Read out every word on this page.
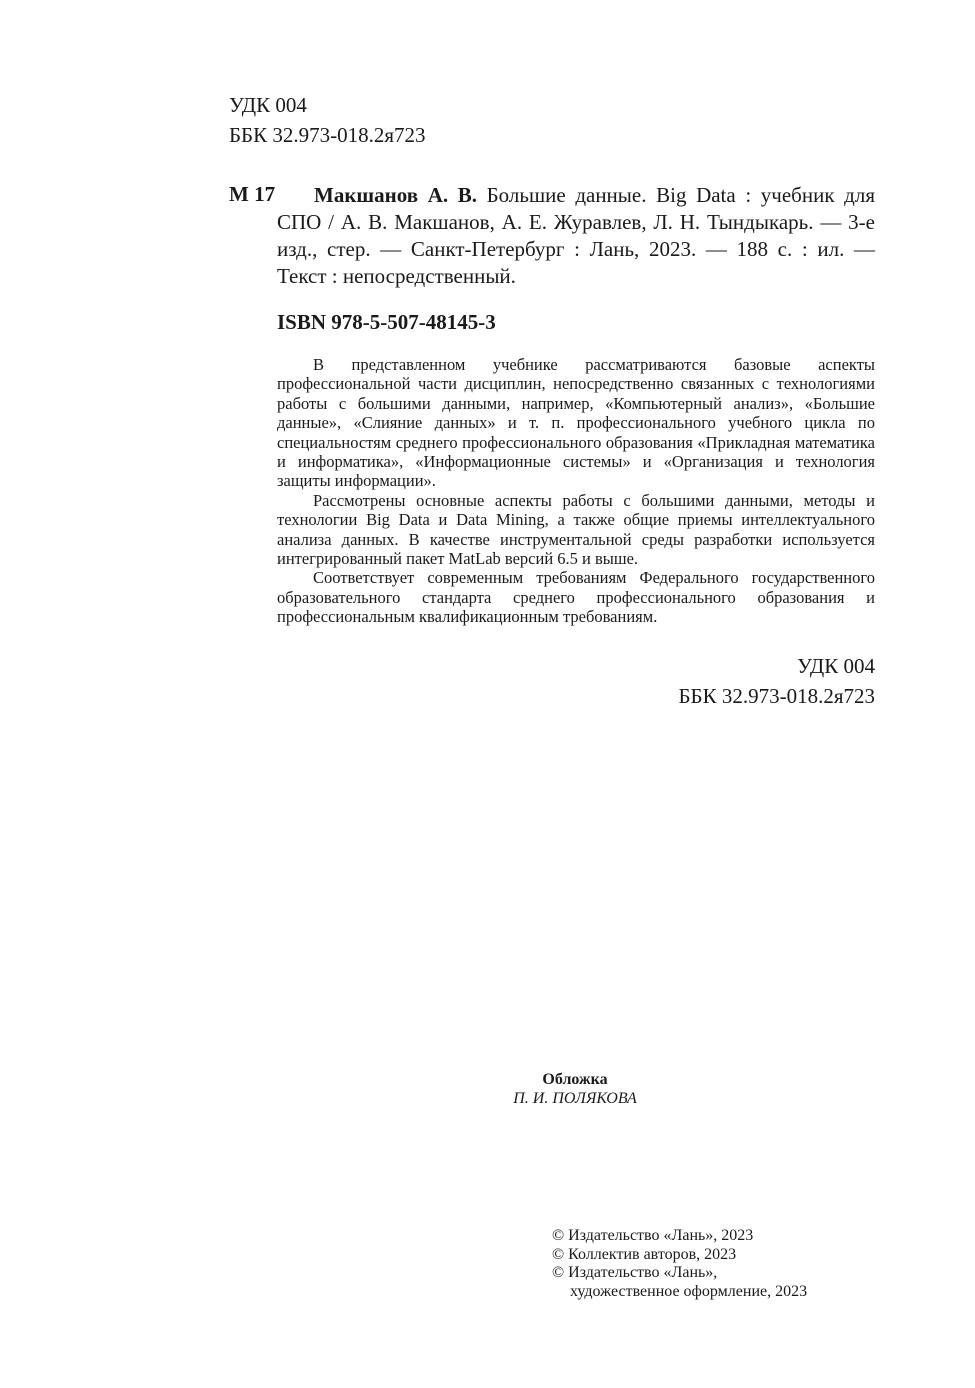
УДК 004
ББК 32.973-018.2я723
М 17	Макшанов А. В. Большие данные. Big Data : учебник для СПО / А. В. Макшанов, А. Е. Журавлев, Л. Н. Тындыкарь. — 3-е изд., стер. — Санкт-Петербург : Лань, 2023. — 188 с. : ил. — Текст : непосредственный.
ISBN 978-5-507-48145-3

В представленном учебнике рассматриваются базовые аспекты профессиональной части дисциплин, непосредственно связанных с технологиями работы с большими данными, например, «Компьютерный анализ», «Большие данные», «Слияние данных» и т. п. профессионального учебного цикла по специальностям среднего профессионального образования «Прикладная математика и информатика», «Информационные системы» и «Организация и технология защиты информации».

Рассмотрены основные аспекты работы с большими данными, методы и технологии Big Data и Data Mining, а также общие приемы интеллектуального анализа данных. В качестве инструментальной среды разработки используется интегрированный пакет MatLab версий 6.5 и выше.

Соответствует современным требованиям Федерального государственного образовательного стандарта среднего профессионального образования и профессиональным квалификационным требованиям.

УДК 004
ББК 32.973-018.2я723
Обложка
П. И. ПОЛЯКОВА
© Издательство «Лань», 2023
© Коллектив авторов, 2023
© Издательство «Лань»,
художественное оформление, 2023
